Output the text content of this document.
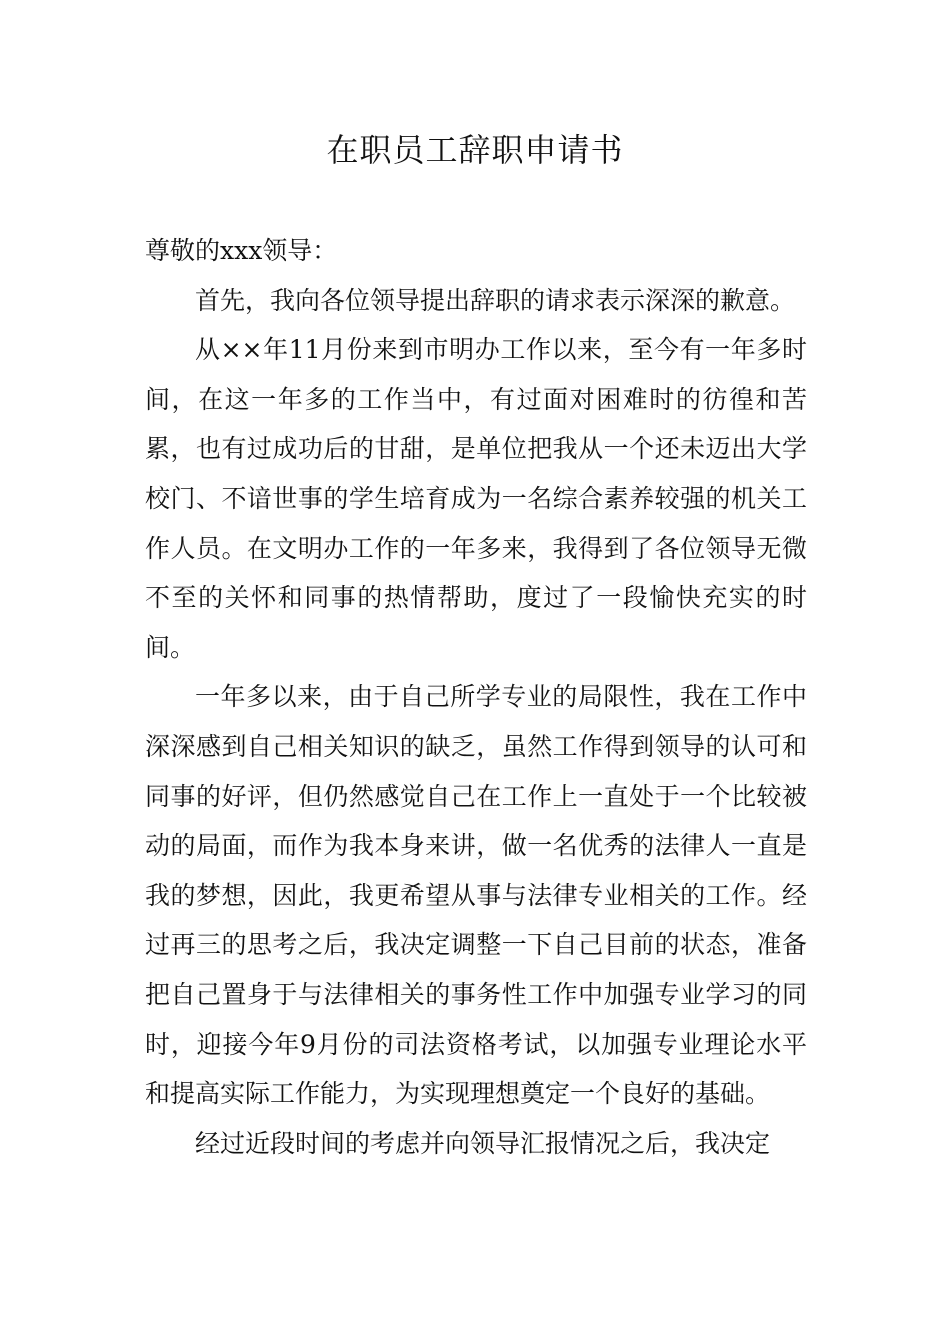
在职员工辞职申请书

尊敬的xxx领导：

首先，我向各位领导提出辞职的请求表示深深的歉意。

从××年11月份来到市明办工作以来，至今有一年多时间，在这一年多的工作当中，有过面对困难时的彷徨和苦累，也有过成功后的甘甜，是单位把我从一个还未迈出大学校门、不谙世事的学生培育成为一名综合素养较强的机关工作人员。在文明办工作的一年多来，我得到了各位领导无微不至的关怀和同事的热情帮助，度过了一段愉快充实的时间。

一年多以来，由于自己所学专业的局限性，我在工作中深深感到自己相关知识的缺乏，虽然工作得到领导的认可和同事的好评，但仍然感觉自己在工作上一直处于一个比较被动的局面，而作为我本身来讲，做一名优秀的法律人一直是我的梦想，因此，我更希望从事与法律专业相关的工作。经过再三的思考之后，我决定调整一下自己目前的状态，准备把自己置身于与法律相关的事务性工作中加强专业学习的同时，迎接今年9月份的司法资格考试，以加强专业理论水平和提高实际工作能力，为实现理想奠定一个良好的基础。

经过近段时间的考虑并向领导汇报情况之后，我决定
